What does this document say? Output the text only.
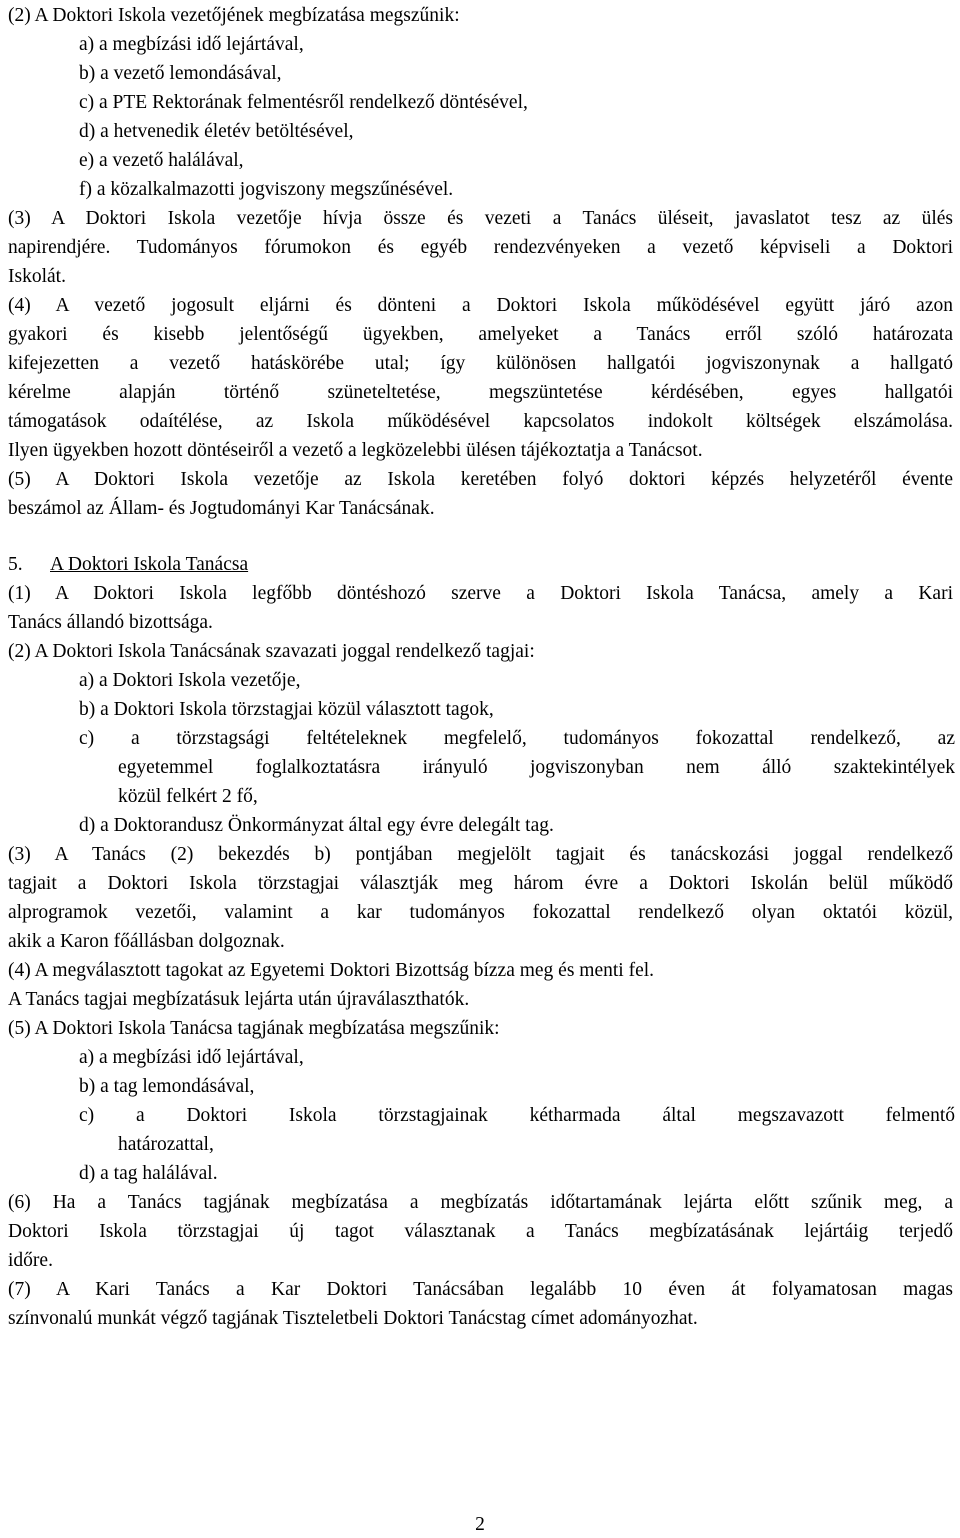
(2) A Doktori Iskola vezetőjének megbízatása megszűnik:
a) a megbízási idő lejártával,
b) a vezető lemondásával,
c) a PTE Rektorának felmentésről rendelkező döntésével,
d) a hetvenedik életév betöltésével,
e) a vezető halálával,
f) a közalkalmazotti jogviszony megszűnésével.
(3) A Doktori Iskola vezetője hívja össze és vezeti a Tanács üléseit, javaslatot tesz az ülés
napirendjére. Tudományos fórumokon és egyéb rendezvényeken a vezető képviseli a Doktori
Iskolát.
(4) A vezető jogosult eljárni és dönteni a Doktori Iskola működésével együtt járó azon
gyakori és kisebb jelentőségű ügyekben, amelyeket a Tanács erről szóló határozata
kifejezetten a vezető hatáskörébe utal; így különösen hallgatói jogviszonynak a hallgató
kérelme alapján történő szüneteltetése, megszüntetése kérdésében, egyes hallgatói
támogatások odaítélése, az Iskola működésével kapcsolatos indokolt költségek elszámolása.
Ilyen ügyekben hozott döntéseiről a vezető a legközelebbi ülésen tájékoztatja a Tanácsot.
(5) A Doktori Iskola vezetője az Iskola keretében folyó doktori képzés helyzetéről évente
beszámol az Állam- és Jogtudományi Kar Tanácsának.
5. A Doktori Iskola Tanácsa
(1) A Doktori Iskola legfőbb döntéshozó szerve a Doktori Iskola Tanácsa, amely a Kari
Tanács állandó bizottsága.
(2) A Doktori Iskola Tanácsának szavazati joggal rendelkező tagjai:
a) a Doktori Iskola vezetője,
b) a Doktori Iskola törzstagjai közül választott tagok,
c) a törzstagsági feltételeknek megfelelő, tudományos fokozattal rendelkező, az
egyetemmel foglalkoztatásra irányuló jogviszonyban nem álló szaktekintélyek
közül felkért 2 fő,
d) a Doktorandusz Önkormányzat által egy évre delegált tag.
(3) A Tanács (2) bekezdés b) pontjában megjelölt tagjait és tanácskozási joggal rendelkező
tagjait a Doktori Iskola törzstagjai választják meg három évre a Doktori Iskolán belül működő
alprogramok vezetői, valamint a kar tudományos fokozattal rendelkező olyan oktatói közül,
akik a Karon főállásban dolgoznak.
(4) A megválasztott tagokat az Egyetemi Doktori Bizottság bízza meg és menti fel.
A Tanács tagjai megbízatásuk lejárta után újraválaszthatók.
(5) A Doktori Iskola Tanácsa tagjának megbízatása megszűnik:
a) a megbízási idő lejártával,
b) a tag lemondásával,
c) a Doktori Iskola törzstagjainak kétharmada által megszavazott felmentő
határozattal,
d) a tag halálával.
(6) Ha a Tanács tagjának megbízatása a megbízatás időtartamának lejárta előtt szűnik meg, a
Doktori Iskola törzstagjai új tagot választanak a Tanács megbízatásának lejártáig terjedő
időre.
(7) A Kari Tanács a Kar Doktori Tanácsában legalább 10 éven át folyamatosan magas
színvonalú munkát végző tagjának Tiszteletbeli Doktori Tanácstag címet adományozhat.
2
